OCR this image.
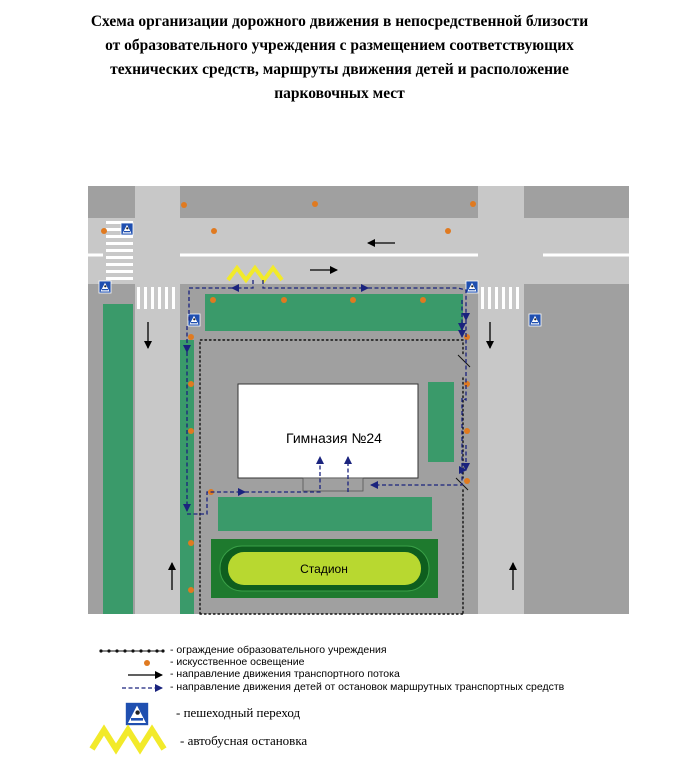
Схема организации дорожного движения в непосредственной близости
от образовательного учреждения с размещением соответствующих
технических средств, маршруты движения детей и расположение
парковочных мест
Гимназия №24
Стадион
- ограждение образовательного учреждения
- искусственное освещение
- направление движения транспортного потока
- направление движения детей от остановок маршрутных транспортных средств
- пешеходный переход
- автобусная остановка
